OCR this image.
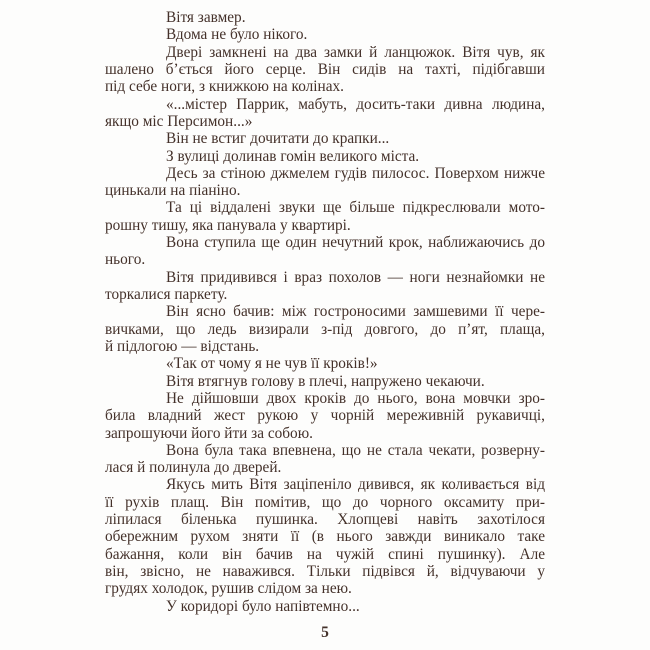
Вітя завмер.

Вдома не було нікого.

Двері замкнені на два замки й ланцюжок. Вітя чув, як
шалено б’ється його серце. Він сидів на тахті, підібгавши
під себе ноги, з книжкою на колінах.

«...містер Паррик, мабуть, досить-таки дивна людина,
якщо міс Персимон...»

Він не встиг дочитати до крапки...

З вулиці долинав гомін великого міста.

Десь за стіною джмелем гудів пилосос. Поверхом нижче
цинькали на піаніно.

Та ці віддалені звуки ще більше підкреслювали мото-
рошну тишу, яка панувала у квартирі.

Вона ступила ще один нечутний крок, наближаючись до
нього.

Вітя придивився і враз похолов — ноги незнайомки не
торкалися паркету.

Він ясно бачив: між гостроносими замшевими її чере-
вичками, що ледь визирали з-під довгого, до п’ят, плаща,
й підлогою — відстань.

«Так от чому я не чув її кроків!»

Вітя втягнув голову в плечі, напружено чекаючи.

Не дійшовши двох кроків до нього, вона мовчки зро-
била владний жест рукою у чорній мереживній рукавичці,
запрошуючи його йти за собою.

Вона була така впевнена, що не стала чекати, розверну-
лася й полинула до дверей.

Якусь мить Вітя заціпеніло дивився, як коливається від
її рухів плащ. Він помітив, що до чорного оксамиту при-
ліпилася біленька пушинка. Хлопцеві навіть захотілося
обережним рухом зняти її (в нього завжди виникало таке
бажання, коли він бачив на чужій спині пушинку). Але
він, звісно, не наважився. Тільки підвівся й, відчуваючи у
грудях холодок, рушив слідом за нею.

У коридорі було напівтемно...

5
